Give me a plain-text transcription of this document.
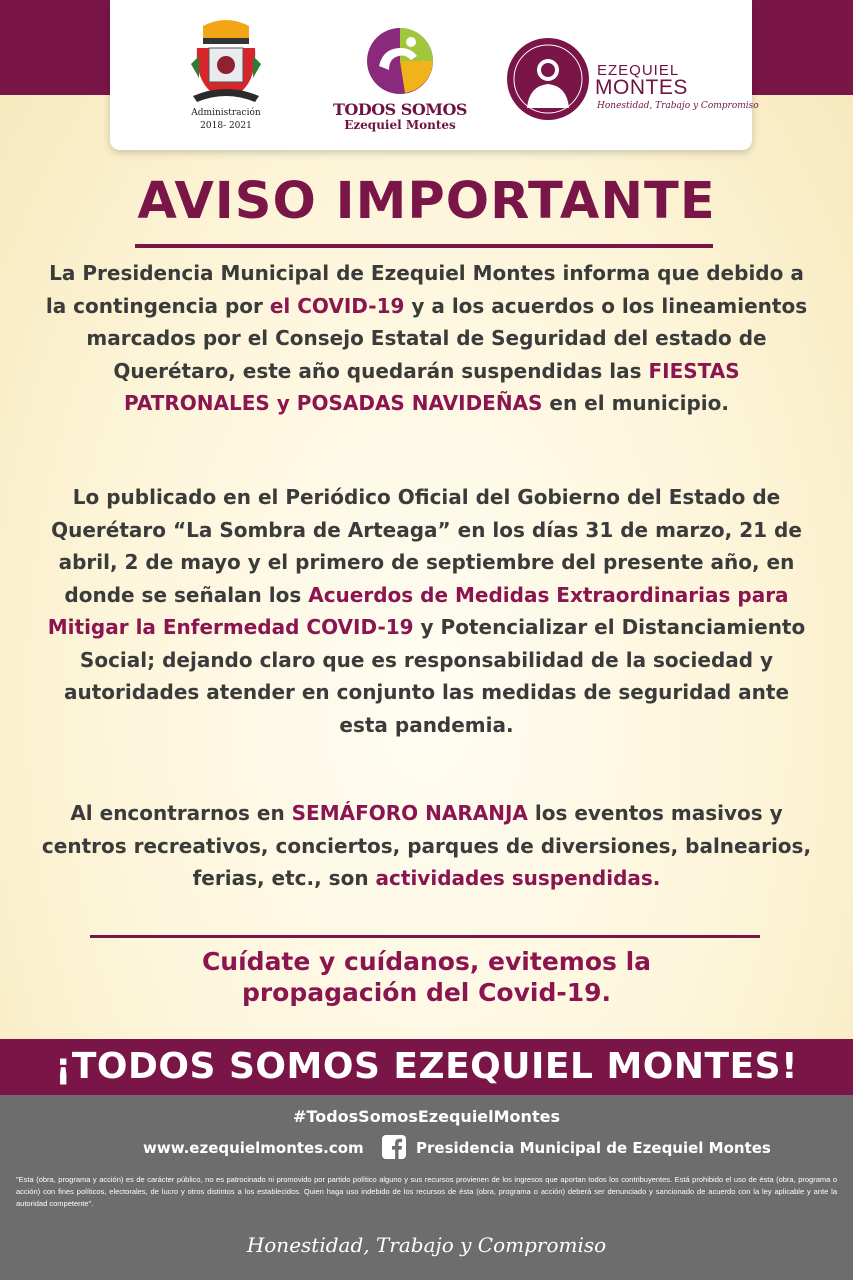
Administración
2018- 2021
TODOS SOMOS
Ezequiel Montes
EZEQUIEL
MONTES
Honestidad, Trabajo y Compromiso
AVISO IMPORTANTE
La Presidencia Municipal de Ezequiel Montes informa que debido a la contingencia por el COVID-19 y a los acuerdos o los lineamientos marcados por el Consejo Estatal de Seguridad del estado de Querétaro, este año quedarán suspendidas las FIESTAS PATRONALES y POSADAS NAVIDEÑAS en el municipio.
Lo publicado en el Periódico Oficial del Gobierno del Estado de Querétaro “La Sombra de Arteaga” en los días 31 de marzo, 21 de abril, 2 de mayo y el primero de septiembre del presente año, en donde se señalan los Acuerdos de Medidas Extraordinarias para Mitigar la Enfermedad COVID-19 y Potencializar el Distanciamiento Social; dejando claro que es responsabilidad de la sociedad y autoridades atender en conjunto las medidas de seguridad ante esta pandemia.
Al encontrarnos en SEMÁFORO NARANJA los eventos masivos y centros recreativos, conciertos, parques de diversiones, balnearios, ferias, etc., son actividades suspendidas.
Cuídate y cuídanos, evitemos la
propagación del Covid-19.
¡TODOS SOMOS EZEQUIEL MONTES!
#TodosSomosEzequielMontes
www.ezequielmontes.com	Presidencia Municipal de Ezequiel Montes
"Esta (obra, programa y acción) es de carácter público, no es patrocinado ni promovido por partido político alguno y sus recursos provienen de los ingresos que aportan todos los contribuyentes. Está prohibido el uso de ésta (obra, programa o acción) con fines políticos, electorales, de lucro y otros distintos a los establecidos. Quien haga uso indebido de los recursos de ésta (obra, programa o acción) deberá ser denunciado y sancionado de acuerdo con la ley aplicable y ante la autoridad competente".
Honestidad, Trabajo y Compromiso
